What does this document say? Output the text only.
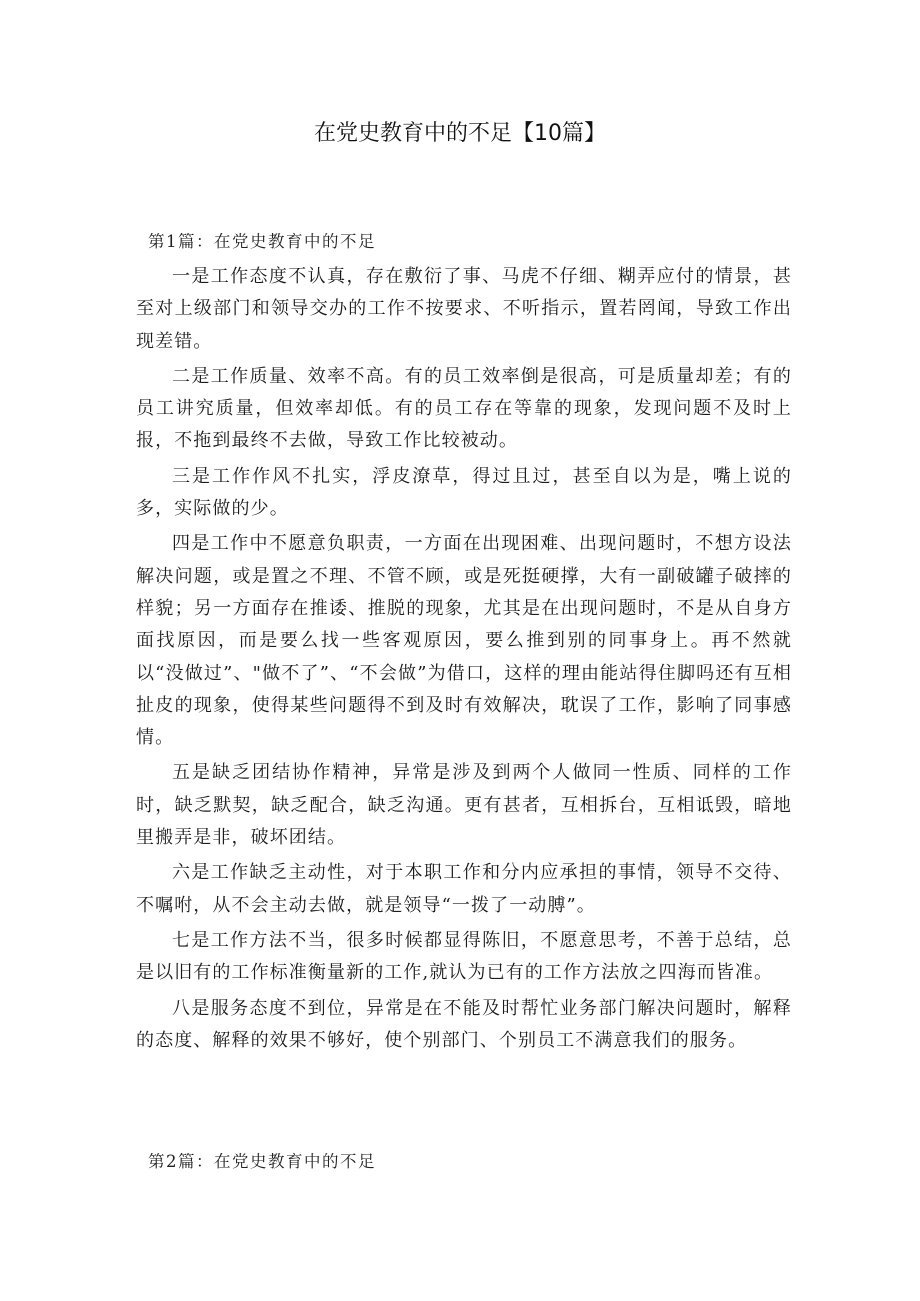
在党史教育中的不足【10篇】
第1篇：在党史教育中的不足

一是工作态度不认真，存在敷衍了事、马虎不仔细、糊弄应付的情景，甚至对上级部门和领导交办的工作不按要求、不听指示，置若罔闻，导致工作出现差错。

二是工作质量、效率不高。有的员工效率倒是很高，可是质量却差；有的员工讲究质量，但效率却低。有的员工存在等靠的现象，发现问题不及时上报，不拖到最终不去做，导致工作比较被动。

三是工作作风不扎实，浮皮潦草，得过且过，甚至自以为是，嘴上说的多，实际做的少。

四是工作中不愿意负职责，一方面在出现困难、出现问题时，不想方设法解决问题，或是置之不理、不管不顾，或是死挺硬撑，大有一副破罐子破摔的样貌；另一方面存在推诿、推脱的现象，尤其是在出现问题时，不是从自身方面找原因，而是要么找一些客观原因，要么推到别的同事身上。再不然就以“没做过”、"做不了”、“不会做”为借口，这样的理由能站得住脚吗还有互相扯皮的现象，使得某些问题得不到及时有效解决，耽误了工作，影响了同事感情。

五是缺乏团结协作精神，异常是涉及到两个人做同一性质、同样的工作时，缺乏默契，缺乏配合，缺乏沟通。更有甚者，互相拆台，互相诋毁，暗地里搬弄是非，破坏团结。

六是工作缺乏主动性，对于本职工作和分内应承担的事情，领导不交待、不嘱咐，从不会主动去做，就是领导“一拨了一动膊”。

七是工作方法不当，很多时候都显得陈旧，不愿意思考，不善于总结，总是以旧有的工作标准衡量新的工作,就认为已有的工作方法放之四海而皆准。

八是服务态度不到位，异常是在不能及时帮忙业务部门解决问题时，解释的态度、解释的效果不够好，使个别部门、个别员工不满意我们的服务。

第2篇：在党史教育中的不足
